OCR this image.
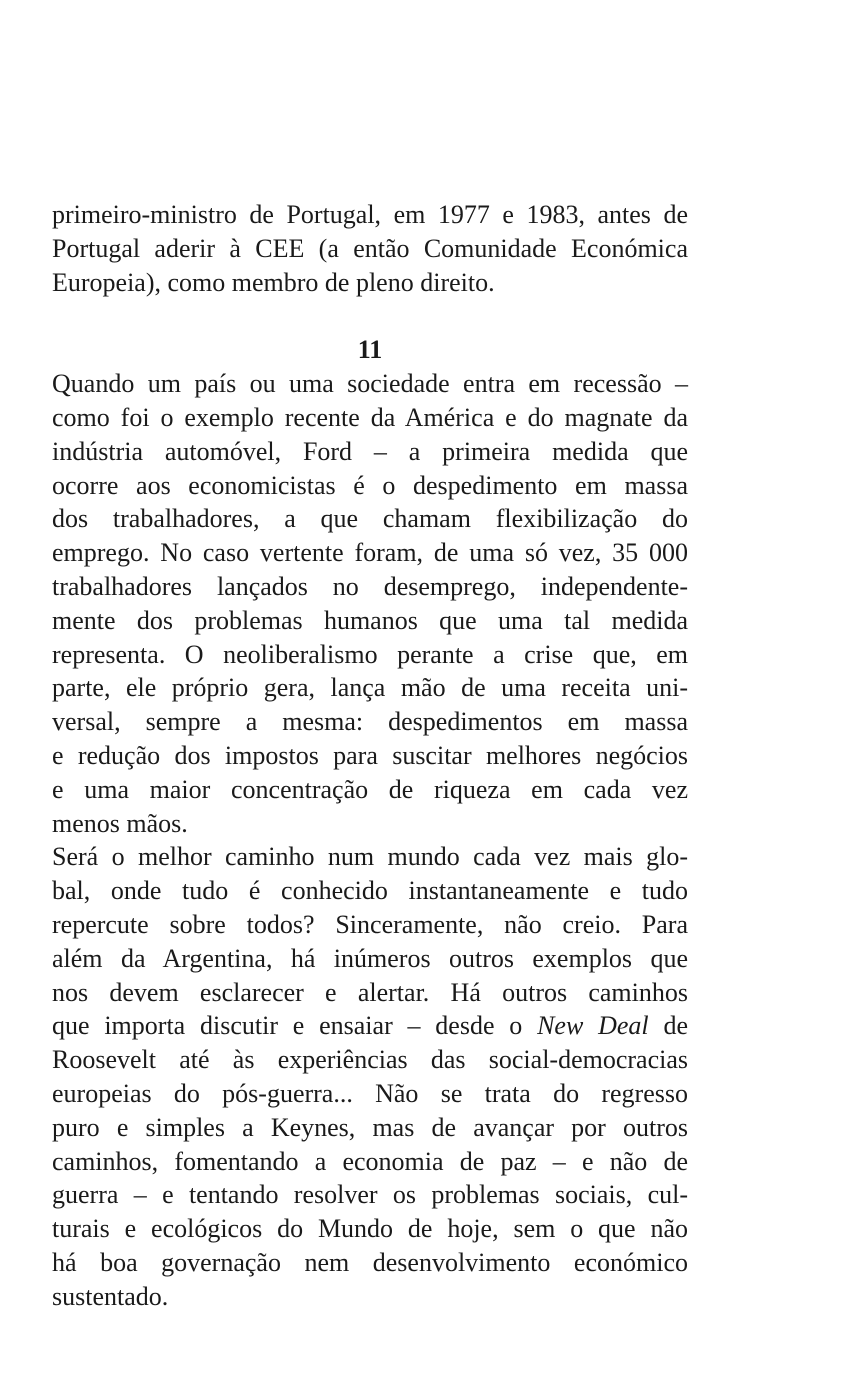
primeiro-ministro de Portugal, em 1977 e 1983, antes de
Portugal aderir à CEE (a então Comunidade Económica
Europeia), como membro de pleno direito.
11
Quando um país ou uma sociedade entra em recessão –
como foi o exemplo recente da América e do magnate da
indústria automóvel, Ford – a primeira medida que
ocorre aos economicistas é o despedimento em massa
dos trabalhadores, a que chamam flexibilização do
emprego. No caso vertente foram, de uma só vez, 35 000
trabalhadores lançados no desemprego, independente-
mente dos problemas humanos que uma tal medida
representa. O neoliberalismo perante a crise que, em
parte, ele próprio gera, lança mão de uma receita uni-
versal, sempre a mesma: despedimentos em massa
e redução dos impostos para suscitar melhores negócios
e uma maior concentração de riqueza em cada vez
menos mãos.
Será o melhor caminho num mundo cada vez mais glo-
bal, onde tudo é conhecido instantaneamente e tudo
repercute sobre todos? Sinceramente, não creio. Para
além da Argentina, há inúmeros outros exemplos que
nos devem esclarecer e alertar. Há outros caminhos
que importa discutir e ensaiar – desde o New Deal de
Roosevelt até às experiências das social-democracias
europeias do pós-guerra... Não se trata do regresso
puro e simples a Keynes, mas de avançar por outros
caminhos, fomentando a economia de paz – e não de
guerra – e tentando resolver os problemas sociais, cul-
turais e ecológicos do Mundo de hoje, sem o que não
há boa governação nem desenvolvimento económico
sustentado.
